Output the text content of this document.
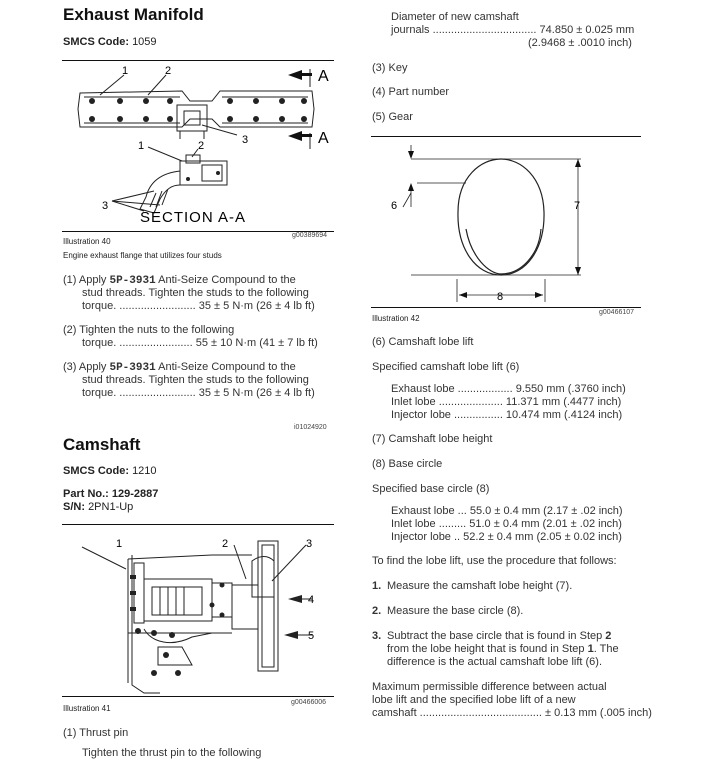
Exhaust Manifold
SMCS Code: 1059
1	2
3
A
A
1	2
3
SECTION A-A
Illustration 40
g00389694
Engine exhaust flange that utilizes four studs
(1) Apply 5P-3931 Anti-Seize Compound to the
stud threads. Tighten the studs to the following
torque. ......................... 35 ± 5 N·m (26 ± 4 lb ft)
(2) Tighten the nuts to the following
torque. ........................ 55 ± 10 N·m (41 ± 7 lb ft)
(3) Apply 5P-3931 Anti-Seize Compound to the
stud threads. Tighten the studs to the following
torque. ......................... 35 ± 5 N·m (26 ± 4 lb ft)
i01024920
Camshaft
SMCS Code: 1210
Part No.: 129-2887
S/N: 2PN1-Up
1	2	3
4
5
Illustration 41
g00466006
(1) Thrust pin
Tighten the thrust pin to the following
Diameter of new camshaft
journals .................................. 74.850 ± 0.025 mm
(2.9468 ± .0010 inch)
(3) Key
(4) Part number
(5) Gear
6	7
8
Illustration 42
g00466107
(6) Camshaft lobe lift
Specified camshaft lobe lift (6)
Exhaust lobe .................. 9.550 mm (.3760 inch)
Inlet lobe ..................... 11.371 mm (.4477 inch)
Injector lobe ................ 10.474 mm (.4124 inch)
(7) Camshaft lobe height
(8) Base circle
Specified base circle (8)
Exhaust lobe ... 55.0 ± 0.4 mm (2.17 ± .02 inch)
Inlet lobe ......... 51.0 ± 0.4 mm (2.01 ± .02 inch)
Injector lobe .. 52.2 ± 0.4 mm (2.05 ± 0.02 inch)
To find the lobe lift, use the procedure that follows:
1. Measure the camshaft lobe height (7).
2. Measure the base circle (8).
3. Subtract the base circle that is found in Step 2
from the lobe height that is found in Step 1. The
difference is the actual camshaft lobe lift (6).
Maximum permissible difference between actual
lobe lift and the specified lobe lift of a new
camshaft ........................................ ± 0.13 mm (.005 inch)
